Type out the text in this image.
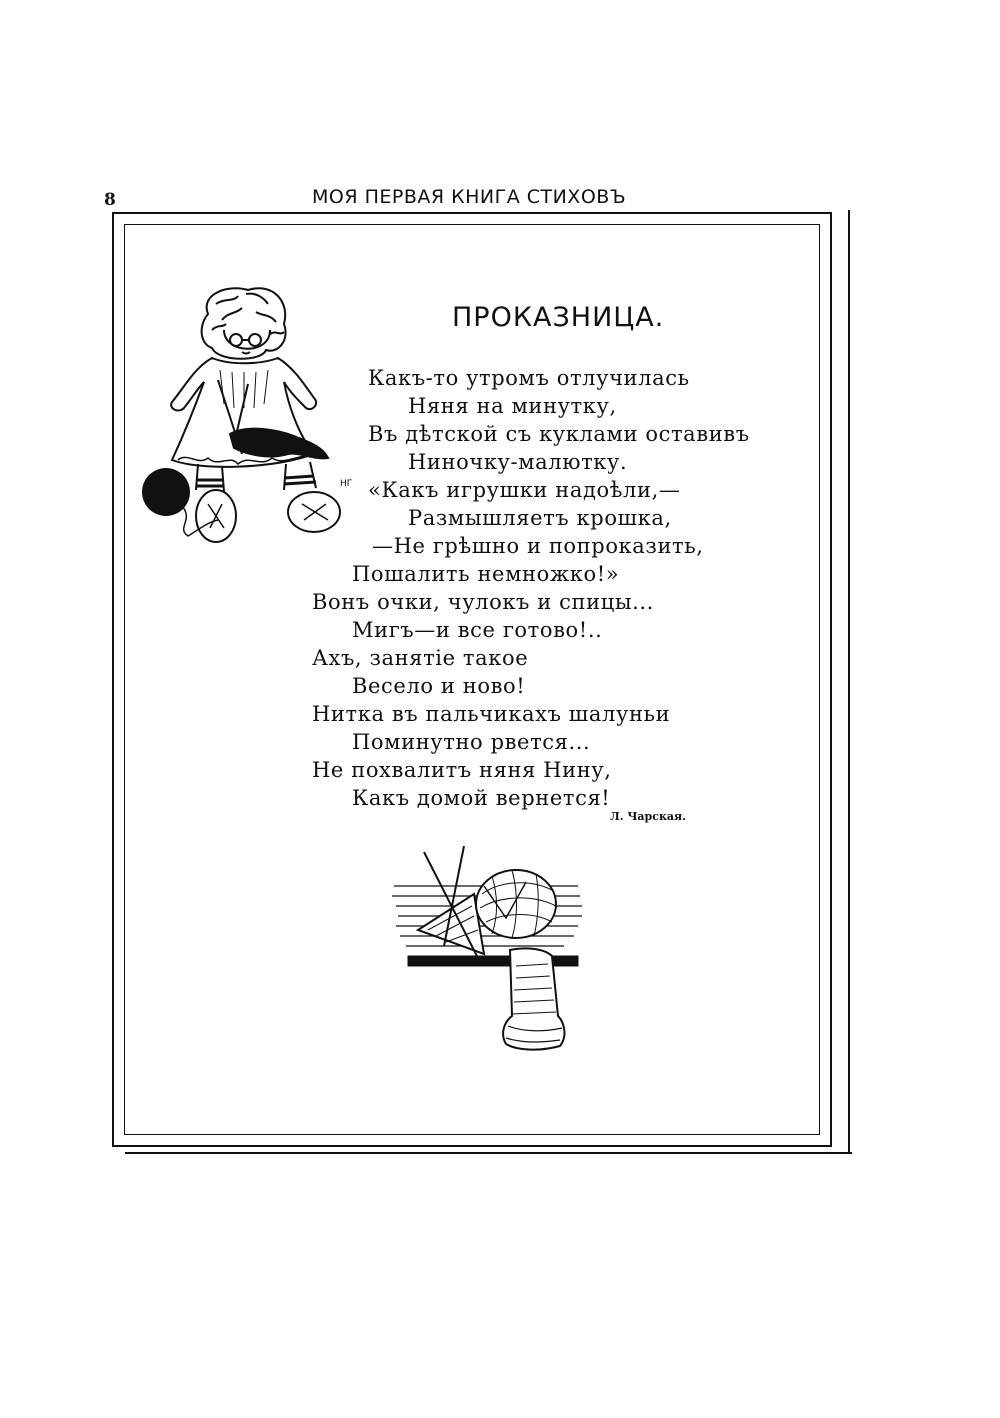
8	МОЯ ПЕРВАЯ КНИГА СТИХОВЪ
HГ
ПРОКАЗНИЦА.
Какъ-то утромъ отлучилась
Няня на минутку,
Въ дѣтской съ куклами оставивъ
Ниночку-малютку.
«Какъ игрушки надоѣли,—
Размышляетъ крошка,
—Не грѣшно и попроказить,
Пошалить немножко!»
Вонъ очки, чулокъ и спицы...
Мигъ—и все готово!..
Ахъ, занятіе такое
Весело и ново!
Нитка въ пальчикахъ шалуньи
Поминутно рвется...
Не похвалитъ няня Нину,
Какъ домой вернется!
Л. Чарская.
